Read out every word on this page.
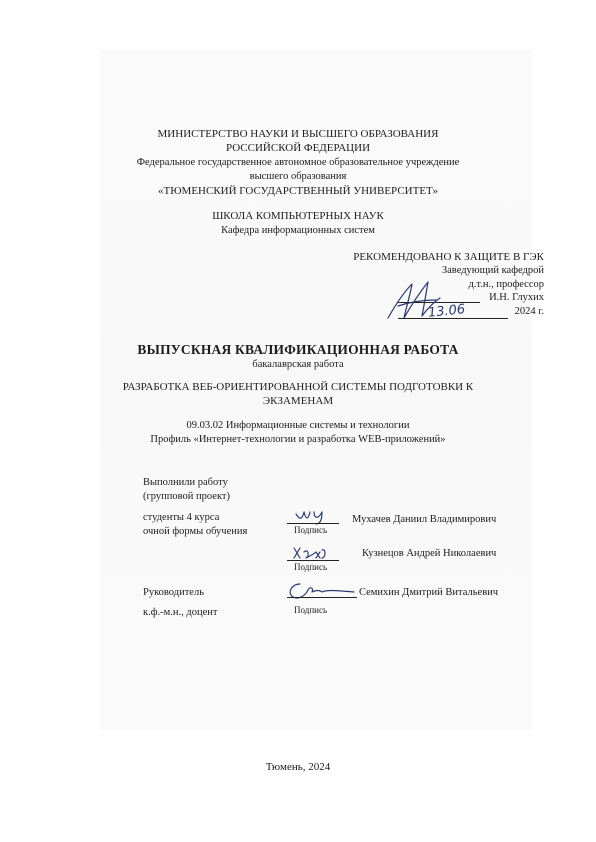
МИНИСТЕРСТВО НАУКИ И ВЫСШЕГО ОБРАЗОВАНИЯ
РОССИЙСКОЙ ФЕДЕРАЦИИ
Федеральное государственное автономное образовательное учреждение
высшего образования
«ТЮМЕНСКИЙ ГОСУДАРСТВЕННЫЙ УНИВЕРСИТЕТ»
ШКОЛА КОМПЬЮТЕРНЫХ НАУК
Кафедра информационных систем
РЕКОМЕНДОВАНО К ЗАЩИТЕ В ГЭК
Заведующий кафедрой
д.т.н., профессор
И.Н. Глухих
2024 г.
13.06
ВЫПУСКНАЯ КВАЛИФИКАЦИОННАЯ РАБОТА
бакалаврская работа
РАЗРАБОТКА ВЕБ-ОРИЕНТИРОВАННОЙ СИСТЕМЫ ПОДГОТОВКИ К
ЭКЗАМЕНАМ
09.03.02 Информационные системы и технологии
Профиль «Интернет-технологии и разработка WEB-приложений»
Выполнили работу
(групповой проект)
студенты 4 курса
очной формы обучения	Подпись
Мухачев Даниил Владимирович
Подпись
Кузнецов Андрей Николаевич
Руководитель
к.ф.-м.н., доцент	Подпись
Семихин Дмитрий Витальевич
Тюмень, 2024
